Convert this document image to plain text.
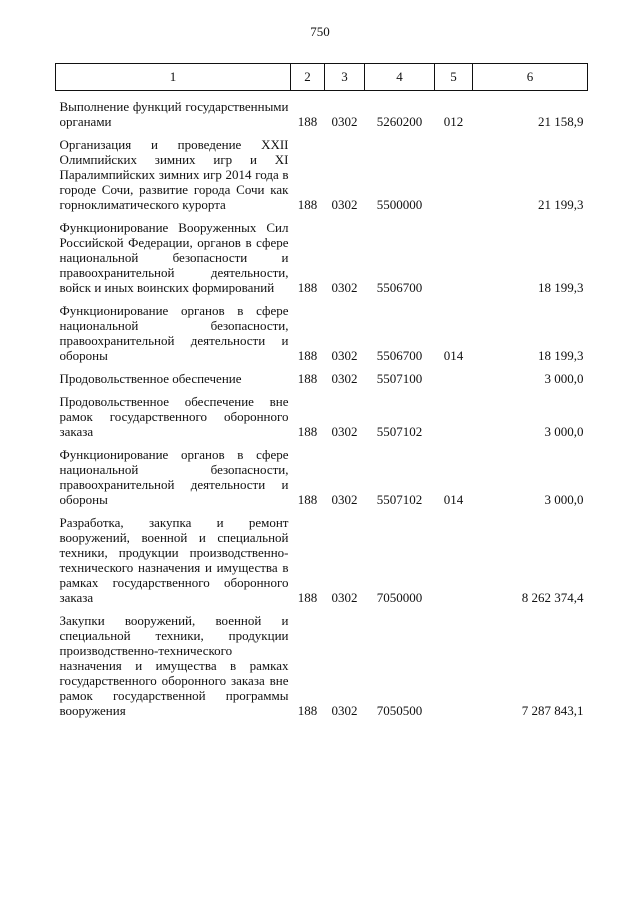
750
1	2	3	4	5	6
Выполнение функций государственными органами	188	0302	5260200	012	21 158,9
Организация и проведение XXII Олимпийских зимних игр и XI Паралимпийских зимних игр 2014 года в городе Сочи, развитие города Сочи как горноклиматического курорта	188	0302	5500000		21 199,3
Функционирование Вооруженных Сил Российской Федерации, органов в сфере национальной безопасности и правоохранительной деятельности, войск и иных воинских формирований	188	0302	5506700		18 199,3
Функционирование органов в сфере национальной безопасности, правоохранительной деятельности и обороны	188	0302	5506700	014	18 199,3
Продовольственное обеспечение	188	0302	5507100		3 000,0
Продовольственное обеспечение вне рамок государственного оборонного заказа	188	0302	5507102		3 000,0
Функционирование органов в сфере национальной безопасности, правоохранительной деятельности и обороны	188	0302	5507102	014	3 000,0
Разработка, закупка и ремонт вооружений, военной и специальной техники, продукции производственно-технического назначения и имущества в рамках государственного оборонного заказа	188	0302	7050000		8 262 374,4
Закупки вооружений, военной и специальной техники, продукции производственно-технического назначения и имущества в рамках государственного оборонного заказа вне рамок государственной программы вооружения	188	0302	7050500		7 287 843,1
